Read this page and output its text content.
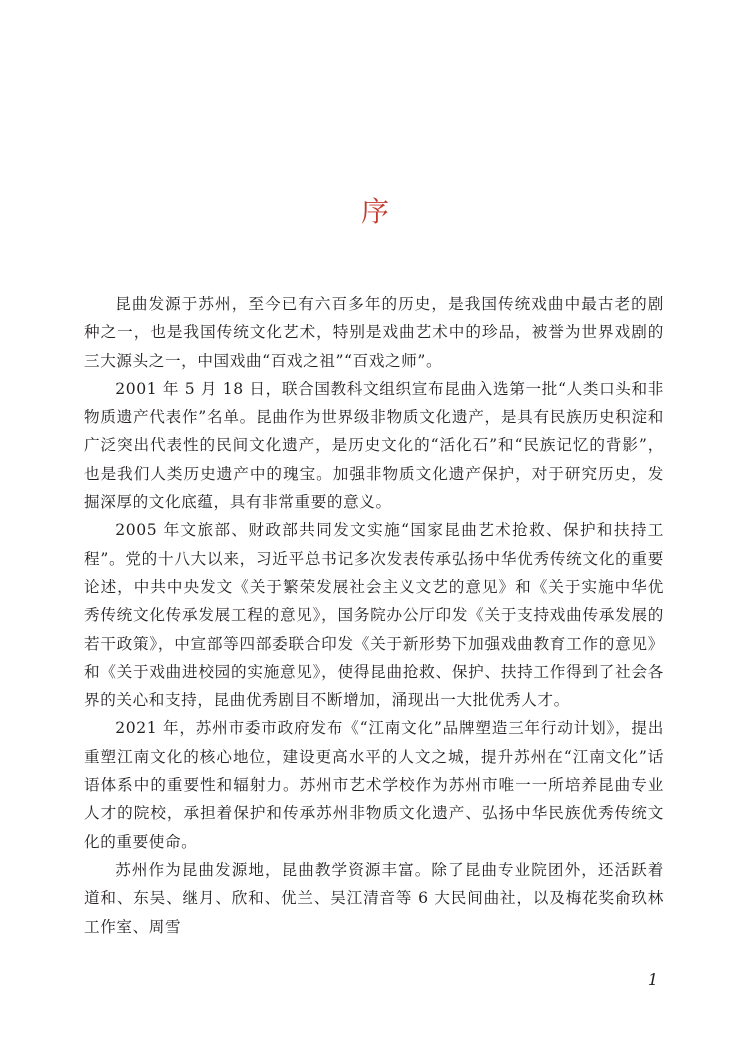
序

昆曲发源于苏州，至今已有六百多年的历史，是我国传统戏曲中最古老的剧种之一，也是我国传统文化艺术，特别是戏曲艺术中的珍品，被誉为世界戏剧的三大源头之一，中国戏曲“百戏之祖”“百戏之师”。

2001 年 5 月 18 日，联合国教科文组织宣布昆曲入选第一批“人类口头和非物质遗产代表作”名单。昆曲作为世界级非物质文化遗产，是具有民族历史积淀和广泛突出代表性的民间文化遗产，是历史文化的“活化石”和“民族记忆的背影”，也是我们人类历史遗产中的瑰宝。加强非物质文化遗产保护，对于研究历史，发掘深厚的文化底蕴，具有非常重要的意义。

2005 年文旅部、财政部共同发文实施“国家昆曲艺术抢救、保护和扶持工程”。党的十八大以来，习近平总书记多次发表传承弘扬中华优秀传统文化的重要论述，中共中央发文《关于繁荣发展社会主义文艺的意见》和《关于实施中华优秀传统文化传承发展工程的意见》，国务院办公厅印发《关于支持戏曲传承发展的若干政策》，中宣部等四部委联合印发《关于新形势下加强戏曲教育工作的意见》和《关于戏曲进校园的实施意见》，使得昆曲抢救、保护、扶持工作得到了社会各界的关心和支持，昆曲优秀剧目不断增加，涌现出一大批优秀人才。

2021 年，苏州市委市政府发布《“江南文化”品牌塑造三年行动计划》，提出重塑江南文化的核心地位，建设更高水平的人文之城，提升苏州在“江南文化”话语体系中的重要性和辐射力。苏州市艺术学校作为苏州市唯一一所培养昆曲专业人才的院校，承担着保护和传承苏州非物质文化遗产、弘扬中华民族优秀传统文化的重要使命。

苏州作为昆曲发源地，昆曲教学资源丰富。除了昆曲专业院团外，还活跃着道和、东吴、继月、欣和、优兰、吴江清音等 6 大民间曲社，以及梅花奖俞玖林工作室、周雪

1
